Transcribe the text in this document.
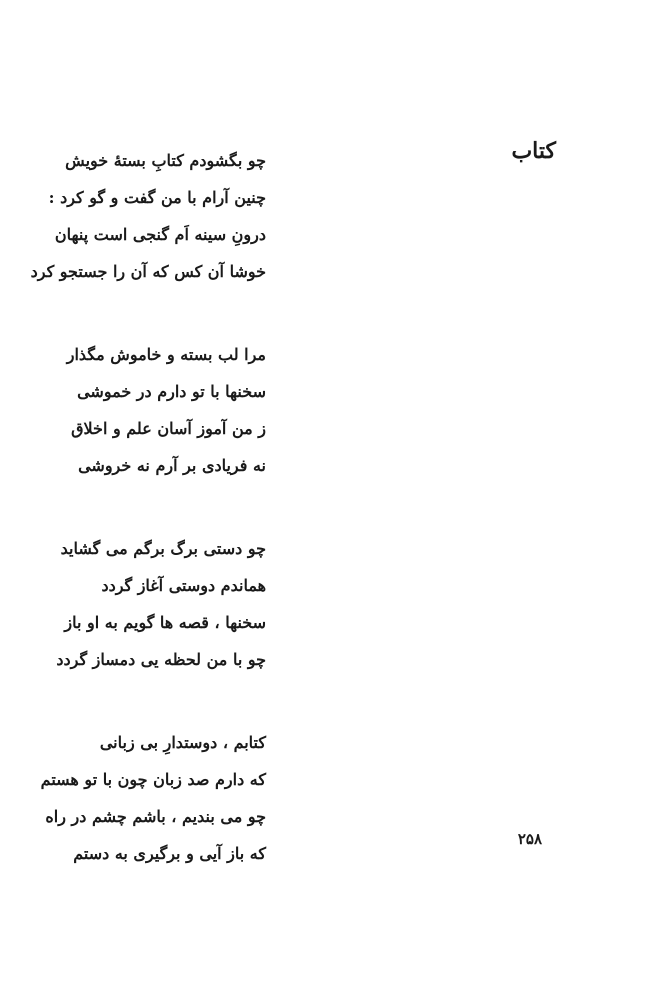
کتاب
چو بگشودم کتابِ بستهٔ خویش
چنین آرام با من گفت و گو کرد :
درونِ سینه اَم گنجی است پنهان
خوشا آن کس که آن را جستجو کرد
مرا لب بسته و خاموش مگذار
سخنها با تو دارم در خموشی
ز من آموز آسان علم و اخلاق
نه فریادی بر آرم نه خروشی
چو دستی برگ برگم می گشاید
هماندم دوستی آغاز گردد
سخنها ، قصه ها گویم به او باز
چو با من لحظه یی دمساز گردد
کتابم ، دوستدارِ بی زبانی
که دارم صد زبان چون با تو هستم
چو می بندیم ، باشم چشم در راه
که باز آیی و برگیری به دستم
۲۵۸
